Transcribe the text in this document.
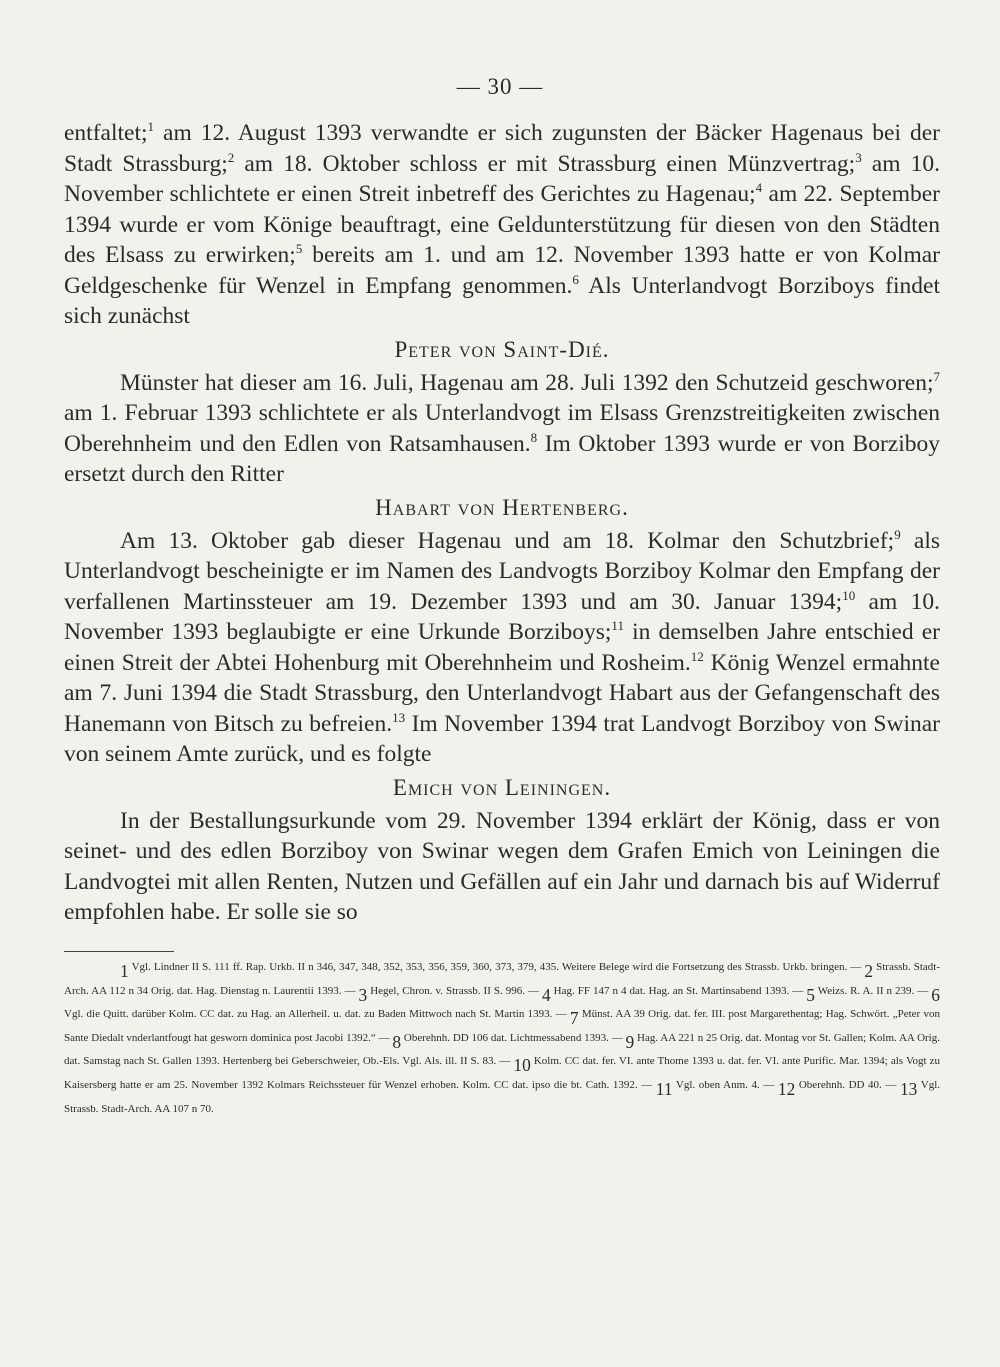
— 30 —

entfaltet;$^1$ am 12. August 1393 verwandte er sich zugunsten der Bäcker Hagenaus bei der Stadt Strassburg;$^2$ am 18. Oktober schloss er mit Strassburg einen Münzvertrag;$^3$ am 10. November schlichtete er einen Streit inbetreff des Gerichtes zu Hagenau;$^4$ am 22. September 1394 wurde er vom Könige beauftragt, eine Geldunterstützung für diesen von den Städten des Elsass zu erwirken;$^5$ bereits am 1. und am 12. November 1393 hatte er von Kolmar Geldgeschenke für Wenzel in Empfang genommen.$^6$ Als Unterlandvogt Borziboys findet sich zunächst

Peter von Saint-Dié.

Münster hat dieser am 16. Juli, Hagenau am 28. Juli 1392 den Schutzeid geschworen;$^7$ am 1. Februar 1393 schlichtete er als Unterlandvogt im Elsass Grenzstreitigkeiten zwischen Oberehnheim und den Edlen von Ratsamhausen.$^8$ Im Oktober 1393 wurde er von Borziboy ersetzt durch den Ritter

Habart von Hertenberg.

Am 13. Oktober gab dieser Hagenau und am 18. Kolmar den Schutzbrief;$^9$ als Unterlandvogt bescheinigte er im Namen des Landvogts Borziboy Kolmar den Empfang der verfallenen Martinssteuer am 19. Dezember 1393 und am 30. Januar 1394;$^{10}$ am 10. November 1393 beglaubigte er eine Urkunde Borziboys;$^{11}$ in demselben Jahre entschied er einen Streit der Abtei Hohenburg mit Oberehnheim und Rosheim.$^{12}$ König Wenzel ermahnte am 7. Juni 1394 die Stadt Strassburg, den Unterlandvogt Habart aus der Gefangenschaft des Hanemann von Bitsch zu befreien.$^{13}$ Im November 1394 trat Landvogt Borziboy von Swinar von seinem Amte zurück, und es folgte

Emich von Leiningen.

In der Bestallungsurkunde vom 29. November 1394 erklärt der König, dass er von seinet- und des edlen Borziboy von Swinar wegen dem Grafen Emich von Leiningen die Landvogtei mit allen Renten, Nutzen und Gefällen auf ein Jahr und darnach bis auf Widerruf empfohlen habe. Er solle sie so

1 $^{Vgl. Lindner II S. 111 ff. Rap. Urkb. II n 346, 347, 348, 352, 353, 356, 359, 360, 373, 379, 435. Weitere Belege wird die Fortsetzung des Strassb. Urkb. bringen. —}$ 2 $^{Strassb. Stadt-Arch. AA 112 n 34 Orig. dat. Hag. Dienstag n. Laurentii 1393. —}$ 3 $^{Hegel, Chron. v. Strassb. II S. 996. —}$ 4 $^{Hag. FF 147 n 4 dat. Hag. an St. Martinsabend 1393. —}$ 5 $^{Weizs. R. A. II n 239. —}$ 6 $^{Vgl. die Quitt. darüber Kolm. CC dat. zu Hag. an Allerheil. u. dat. zu Baden Mittwoch nach St. Martin 1393. —}$ 7 $^{Münst. AA 39 Orig. dat. fer. III. post Margarethentag; Hag. Schwört. „Peter von Sante Diedalt vnderlantfougt hat gesworn dominica post Jacobi 1392.“ —}$ 8 $^{Oberehnh. DD 106 dat. Lichtmessabend 1393. —}$ 9 $^{Hag. AA 221 n 25 Orig. dat. Montag vor St. Gallen; Kolm. AA Orig. dat. Samstag nach St. Gallen 1393. Hertenberg bei Geberschweier, Ob.-Els. Vgl. Als. ill. II S. 83. —}$ 10 $^{Kolm. CC dat. fer. VI. ante Thome 1393 u. dat. fer. VI. ante Purific. Mar. 1394; als Vogt zu Kaisersberg hatte er am 25. November 1392 Kolmars Reichssteuer für Wenzel erhoben. Kolm. CC dat. ipso die bt. Cath. 1392. —}$ 11 $^{Vgl. oben Anm. 4. —}$ 12 $^{Oberehnh. DD 40. —}$ 13 $^{Vgl. Strassb. Stadt-Arch. AA 107 n 70.}$
